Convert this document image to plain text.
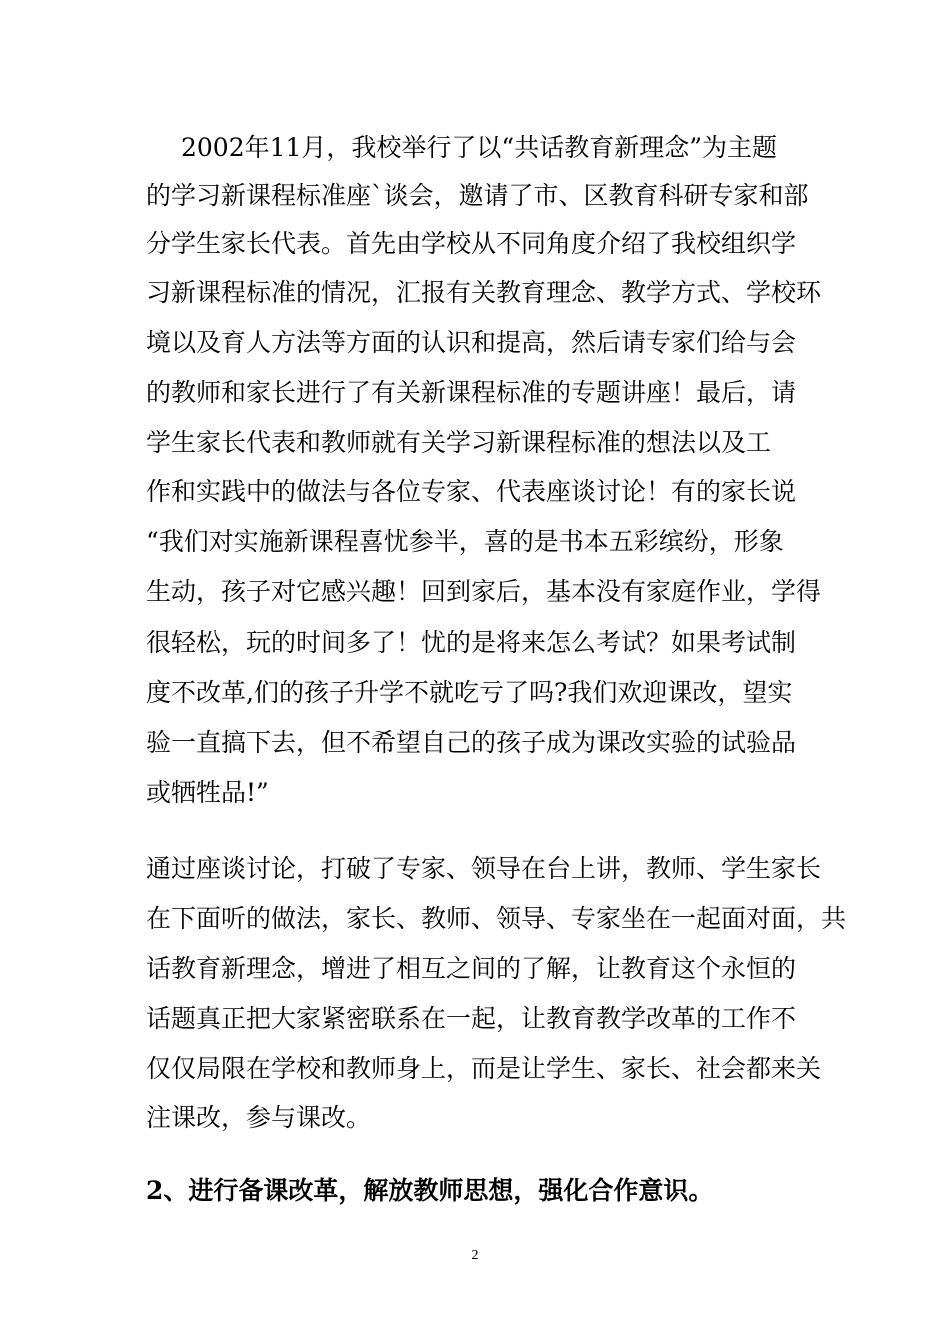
2002年11月，我校举行了以“共话教育新理念”为主题
的学习新课程标准座`谈会，邀请了市、区教育科研专家和部
分学生家长代表。首先由学校从不同角度介绍了我校组织学
习新课程标准的情况，汇报有关教育理念、教学方式、学校环
境以及育人方法等方面的认识和提高，然后请专家们给与会
的教师和家长进行了有关新课程标准的专题讲座！最后，请
学生家长代表和教师就有关学习新课程标准的想法以及工
作和实践中的做法与各位专家、代表座谈讨论！有的家长说
“我们对实施新课程喜忧参半，喜的是书本五彩缤纷，形象
生动，孩子对它感兴趣！回到家后，基本没有家庭作业，学得
很轻松，玩的时间多了！忧的是将来怎么考试？如果考试制
度不改革,们的孩子升学不就吃亏了吗?我们欢迎课改，望实
验一直搞下去，但不希望自己的孩子成为课改实验的试验品
或牺牲品!”
通过座谈讨论，打破了专家、领导在台上讲，教师、学生家长
在下面听的做法，家长、教师、领导、专家坐在一起面对面，共
话教育新理念，增进了相互之间的了解，让教育这个永恒的
话题真正把大家紧密联系在一起，让教育教学改革的工作不
仅仅局限在学校和教师身上，而是让学生、家长、社会都来关
注课改，参与课改。
2、进行备课改革，解放教师思想，强化合作意识。
2
